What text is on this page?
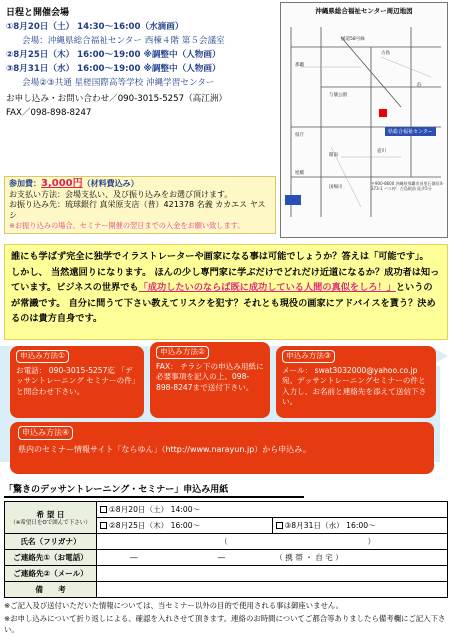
日程と開催会場
①8月20日（土） 14:30～16:00（水滴画）
会場：沖縄県総合福祉センター 西棟４階 第５会議室
②8月25日（木） 16:00～19:00 ※調整中（人物画）
③8月31日（水） 16:00～19:00 ※調整中（人物画）
会場②③共通 星槎国際高等学校 沖縄学習センター
お申し込み・お問い合わせ／090-3015-5257（高江洲）
FAX／098-898-8247
沖縄県総合福祉センター周辺地図
国道58号線
那覇
古島
与儀公園
県庁
開南
壺川
旭橋
国場川
泊
県総合福祉センター
〒900-8600 沖縄県那覇市首里石嶺町4-373-1 バス停：古島駅前 徒歩5分
参加費：3,000円（材料費込み）
お支払い方法：会場支払い、及び振り込みをお選び頂けます。
お振り込み先：琉球銀行 真栄原支店（普）421378 名義 カカエス ヤスシ
※お振り込みの場合、セミナー開催の翌日までの入金をお願い致します。
誰にも学ばず完全に独学でイラストレーターや画家になる事は可能でしょうか？答えは「可能です」。 しかし、 当然遠回りになります。 ほんの少し専門家に学ぶだけでどれだけ近道になるか？成功者は知っています。ビジネスの世界でも「成功したいのならば既に成功している人間の真似をしろ！」というのが常識です。 自分に問うて下さい教えてリスクを犯す？それとも現役の画家にアドバイスを貰う？決めるのは貴方自身です。
申込み方法①
お電話： 090-3015-5257迄 「デッサントレーニング セミナーの件」と問合わせ下さい。
申込み方法②
FAX： チラシ下の申込み用紙に必要事項を記入の上、098-898-8247まで送付下さい。
申込み方法③
メール： swat3032000@yahoo.co.jp 宛、デッサントレーニングセミナーの件と入力し、お名前と連絡先を添えて送信下さい。
申込み方法④
県内のセミナー情報サイト「ならゆん」（http://www.narayun.jp）から申込み。
「驚きのデッサントレーニング・セミナー」申込み用紙
希 望 日
（※希望日をOで囲んで下さい）	①8月20日（土） 14:00～	
	②8月25日（木） 16:00～	③8月31日（水） 16:00～
氏名（フリガナ）	（ ）	
ご連絡先①（お電話）	― ― （ 携 帯 ・ 自 宅 ）	
ご連絡先②（メール）		
備　　考		
※ご記入及び送付いただいた情報については、当セミナー以外の目的で使用される事は御座いません。
※お申し込みについて折り返しによる、確認を入れさせて頂きます。連絡のお時間についてご都合等ありましたら備考欄にご記入下さい。
